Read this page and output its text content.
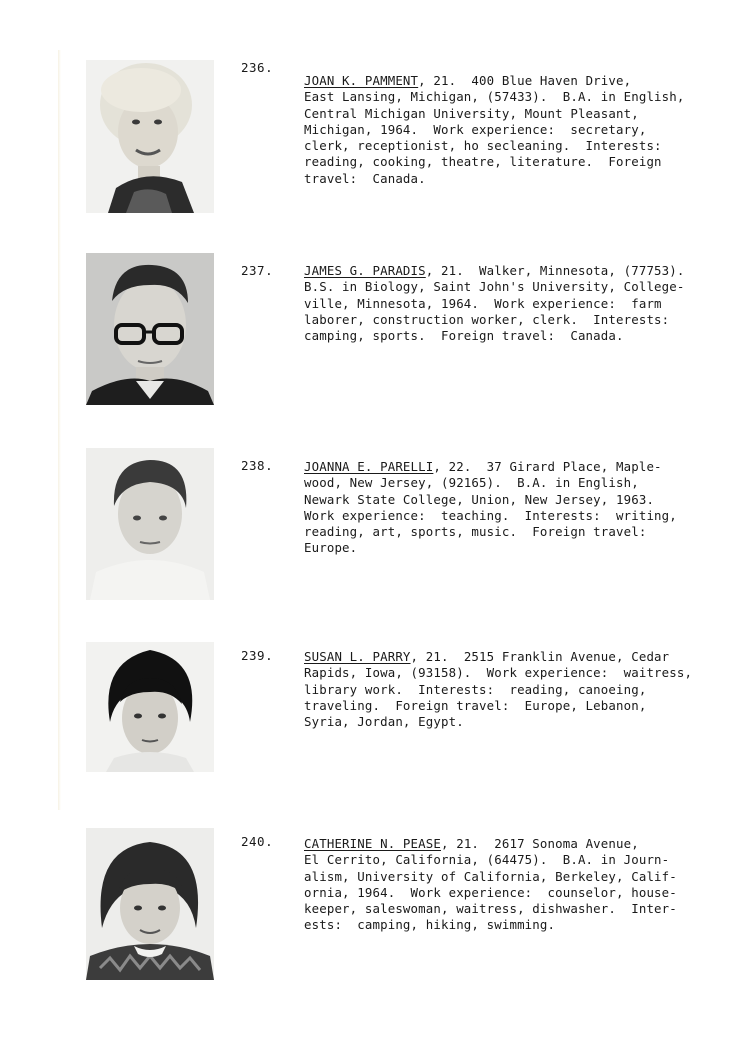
236.
JOAN K. PAMMENT, 21.  400 Blue Haven Drive,
East Lansing, Michigan, (57433).  B.A. in English,
Central Michigan University, Mount Pleasant,
Michigan, 1964.  Work experience:  secretary,
clerk, receptionist, ho secleaning.  Interests:
reading, cooking, theatre, literature.  Foreign
travel:  Canada.
237. JAMES G. PARADIS, 21.  Walker, Minnesota, (77753).
B.S. in Biology, Saint John's University, College-
ville, Minnesota, 1964.  Work experience:  farm
laborer, construction worker, clerk.  Interests:
camping, sports.  Foreign travel:  Canada.
238. JOANNA E. PARELLI, 22.  37 Girard Place, Maple-
wood, New Jersey, (92165).  B.A. in English,
Newark State College, Union, New Jersey, 1963.
Work experience:  teaching.  Interests:  writing,
reading, art, sports, music.  Foreign travel:
Europe.
239. SUSAN L. PARRY, 21.  2515 Franklin Avenue, Cedar
Rapids, Iowa, (93158).  Work experience:  waitress,
library work.  Interests:  reading, canoeing,
traveling.  Foreign travel:  Europe, Lebanon,
Syria, Jordan, Egypt.
240. CATHERINE N. PEASE, 21.  2617 Sonoma Avenue,
El Cerrito, California, (64475).  B.A. in Journ-
alism, University of California, Berkeley, Calif-
ornia, 1964.  Work experience:  counselor, house-
keeper, saleswoman, waitress, dishwasher.  Inter-
ests:  camping, hiking, swimming.
